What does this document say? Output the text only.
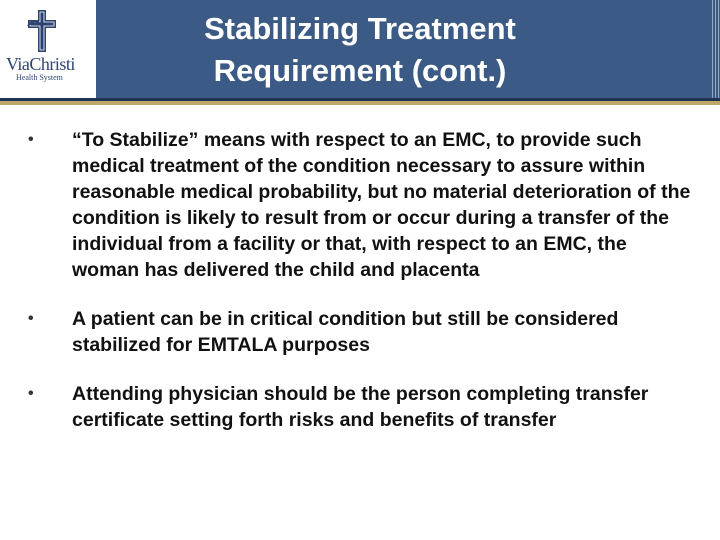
ViaChristi
Health System
Stabilizing Treatment
Requirement (cont.)
•	“To Stabilize” means with respect to an EMC, to provide such medical treatment of the condition necessary to assure within reasonable medical probability, but no material deterioration of the condition is likely to result from or occur during a transfer of the individual from a facility or that, with respect to an EMC, the woman has delivered the child and placenta
•	A patient can be in critical condition but still be considered stabilized for EMTALA purposes
•	Attending physician should be the person completing transfer certificate setting forth risks and benefits of transfer
